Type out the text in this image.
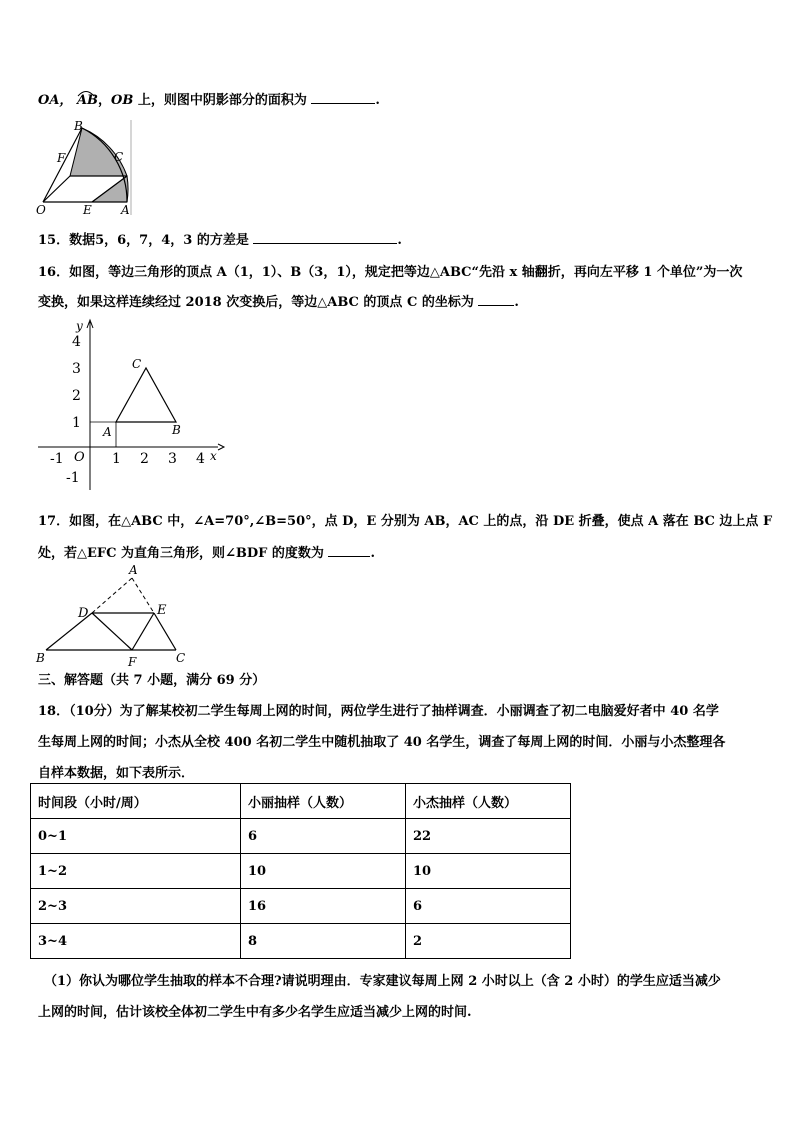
OA， AB，OB 上，则图中阴影部分的面积为	.
B
F	C
O	E A
15．数据5，6，7，4，3 的方差是	.
16．如图，等边三角形的顶点 A（1，1）、B（3，1），规定把等边△ABC“先沿 x 轴翻折，再向左平移 1 个单位”为一次
变换，如果这样连续经过 2018 次变换后，等边△ABC 的顶点 C 的坐标为	.
y
x
O
-1	1 2 3 4
4
3
2
1
-1
A	B
C
17．如图，在△ABC 中，∠A=70°,∠B=50°，点 D，E 分别为 AB，AC 上的点，沿 DE 折叠，使点 A 落在 BC 边上点 F
处，若△EFC 为直角三角形，则∠BDF 的度数为	.
A
D	E
B	F	C
三、解答题（共 7 小题，满分 69 分）
18．（10分）为了解某校初二学生每周上网的时间，两位学生进行了抽样调查．小丽调查了初二电脑爱好者中 40 名学
生每周上网的时间；小杰从全校 400 名初二学生中随机抽取了 40 名学生，调查了每周上网的时间．小丽与小杰整理各
自样本数据，如下表所示．
时间段（小时/周）	小丽抽样（人数）	小杰抽样（人数）
0~1	6	22
1~2	10	10
2~3	16	6
3~4	8	2
（1）你认为哪位学生抽取的样本不合理?请说明理由．专家建议每周上网 2 小时以上（含 2 小时）的学生应适当减少
上网的时间，估计该校全体初二学生中有多少名学生应适当减少上网的时间.
